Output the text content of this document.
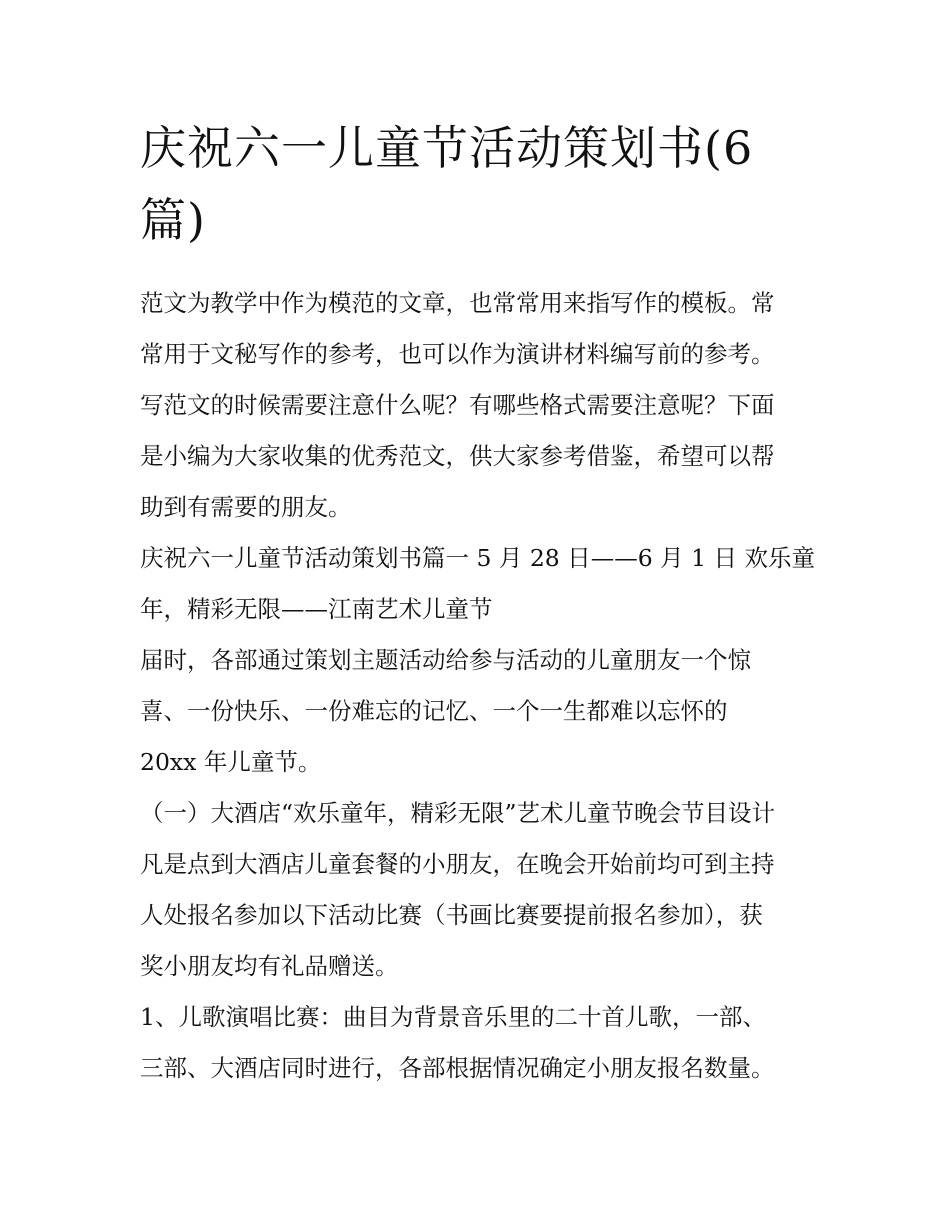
庆祝六一儿童节活动策划书(6
篇)
范文为教学中作为模范的文章，也常常用来指写作的模板。常
常用于文秘写作的参考，也可以作为演讲材料编写前的参考。
写范文的时候需要注意什么呢？有哪些格式需要注意呢？下面
是小编为大家收集的优秀范文，供大家参考借鉴，希望可以帮
助到有需要的朋友。
庆祝六一儿童节活动策划书篇一 5 月 28 日——6 月 1 日 欢乐童
年，精彩无限——江南艺术儿童节
届时，各部通过策划主题活动给参与活动的儿童朋友一个惊
喜、一份快乐、一份难忘的记忆、一个一生都难以忘怀的
20xx 年儿童节。
（一）大酒店“欢乐童年，精彩无限”艺术儿童节晚会节目设计
凡是点到大酒店儿童套餐的小朋友，在晚会开始前均可到主持
人处报名参加以下活动比赛（书画比赛要提前报名参加），获
奖小朋友均有礼品赠送。
1、儿歌演唱比赛：曲目为背景音乐里的二十首儿歌，一部、
三部、大酒店同时进行，各部根据情况确定小朋友报名数量。
